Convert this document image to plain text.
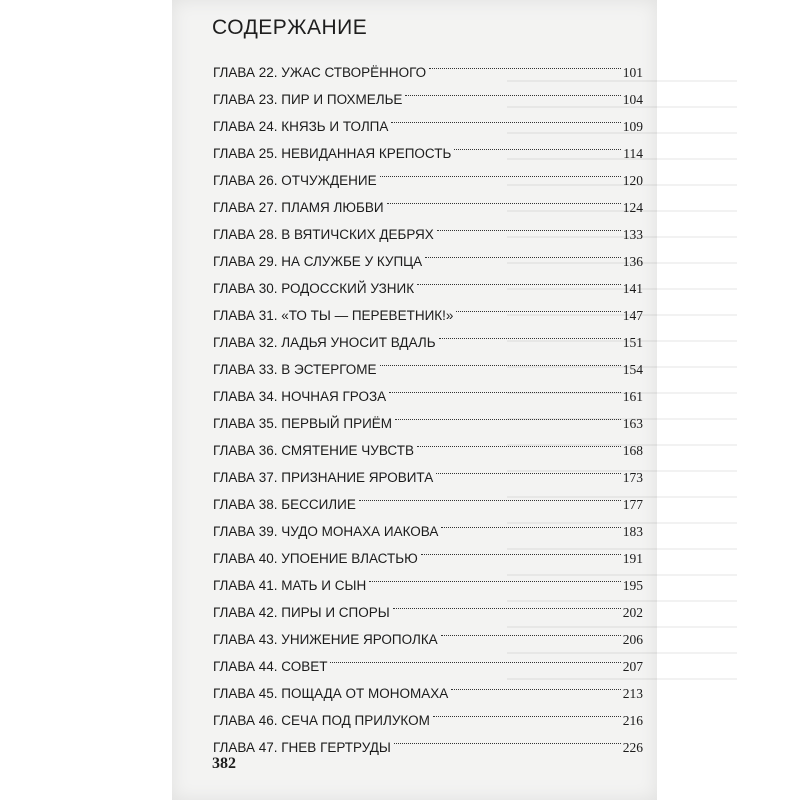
СОДЕРЖАНИЕ
ГЛАВА 22. УЖАС СТВОРЁННОГО	101
ГЛАВА 23. ПИР И ПОХМЕЛЬЕ	104
ГЛАВА 24. КНЯЗЬ И ТОЛПА	109
ГЛАВА 25. НЕВИДАННАЯ КРЕПОСТЬ	114
ГЛАВА 26. ОТЧУЖДЕНИЕ	120
ГЛАВА 27. ПЛАМЯ ЛЮБВИ	124
ГЛАВА 28. В ВЯТИЧСКИХ ДЕБРЯХ	133
ГЛАВА 29. НА СЛУЖБЕ У КУПЦА	136
ГЛАВА 30. РОДОССКИЙ УЗНИК	141
ГЛАВА 31. «ТО ТЫ — ПЕРЕВЕТНИК!»	147
ГЛАВА 32. ЛАДЬЯ УНОСИТ ВДАЛЬ	151
ГЛАВА 33. В ЭСТЕРГОМЕ	154
ГЛАВА 34. НОЧНАЯ ГРОЗА	161
ГЛАВА 35. ПЕРВЫЙ ПРИЁМ	163
ГЛАВА 36. СМЯТЕНИЕ ЧУВСТВ	168
ГЛАВА 37. ПРИЗНАНИЕ ЯРОВИТА	173
ГЛАВА 38. БЕССИЛИЕ	177
ГЛАВА 39. ЧУДО МОНАХА ИАКОВА	183
ГЛАВА 40. УПОЕНИЕ ВЛАСТЬЮ	191
ГЛАВА 41. МАТЬ И СЫН	195
ГЛАВА 42. ПИРЫ И СПОРЫ	202
ГЛАВА 43. УНИЖЕНИЕ ЯРОПОЛКА	206
ГЛАВА 44. СОВЕТ	207
ГЛАВА 45. ПОЩАДА ОТ МОНОМАХА	213
ГЛАВА 46. СЕЧА ПОД ПРИЛУКОМ	216
ГЛАВА 47. ГНЕВ ГЕРТРУДЫ	226
382
